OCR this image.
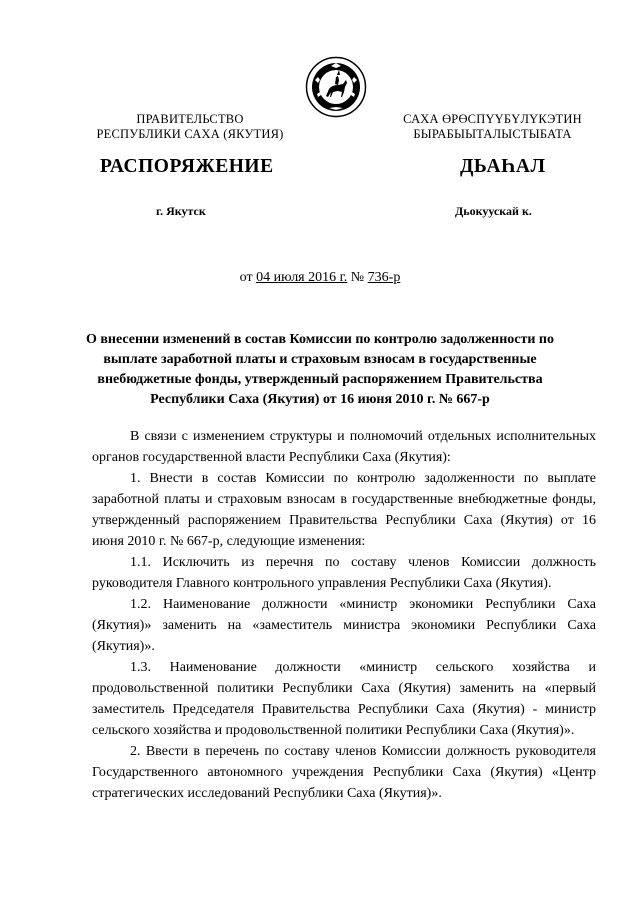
ПРАВИТЕЛЬСТВО
РЕСПУБЛИКИ САХА (ЯКУТИЯ)
САХА ӨРӨСПҮҮБҮЛҮКЭТИН
БЫРАБЫЫТАЛЫСТЫБАТА
РАСПОРЯЖЕНИЕ	ДЬАҺАЛ
г. Якутск	Дьокуускай к.
от 04 июля 2016 г. № 736-р
О внесении изменений в состав Комиссии по контролю задолженности по выплате заработной платы и страховым взносам в государственные внебюджетные фонды, утвержденный распоряжением Правительства Республики Саха (Якутия) от 16 июня 2010 г. № 667-р

В связи с изменением структуры и полномочий отдельных исполнительных органов государственной власти Республики Саха (Якутия):

1. Внести в состав Комиссии по контролю задолженности по выплате заработной платы и страховым взносам в государственные внебюджетные фонды, утвержденный распоряжением Правительства Республики Саха (Якутия) от 16 июня 2010 г. № 667-р, следующие изменения:

1.1. Исключить из перечня по составу членов Комиссии должность руководителя Главного контрольного управления Республики Саха (Якутия).

1.2. Наименование должности «министр экономики Республики Саха (Якутия)» заменить на «заместитель министра экономики Республики Саха (Якутия)».

1.3. Наименование должности «министр сельского хозяйства и продовольственной политики Республики Саха (Якутия) заменить на «первый заместитель Председателя Правительства Республики Саха (Якутия) - министр сельского хозяйства и продовольственной политики Республики Саха (Якутия)».

2. Ввести в перечень по составу членов Комиссии должность руководителя Государственного автономного учреждения Республики Саха (Якутия) «Центр стратегических исследований Республики Саха (Якутия)».
